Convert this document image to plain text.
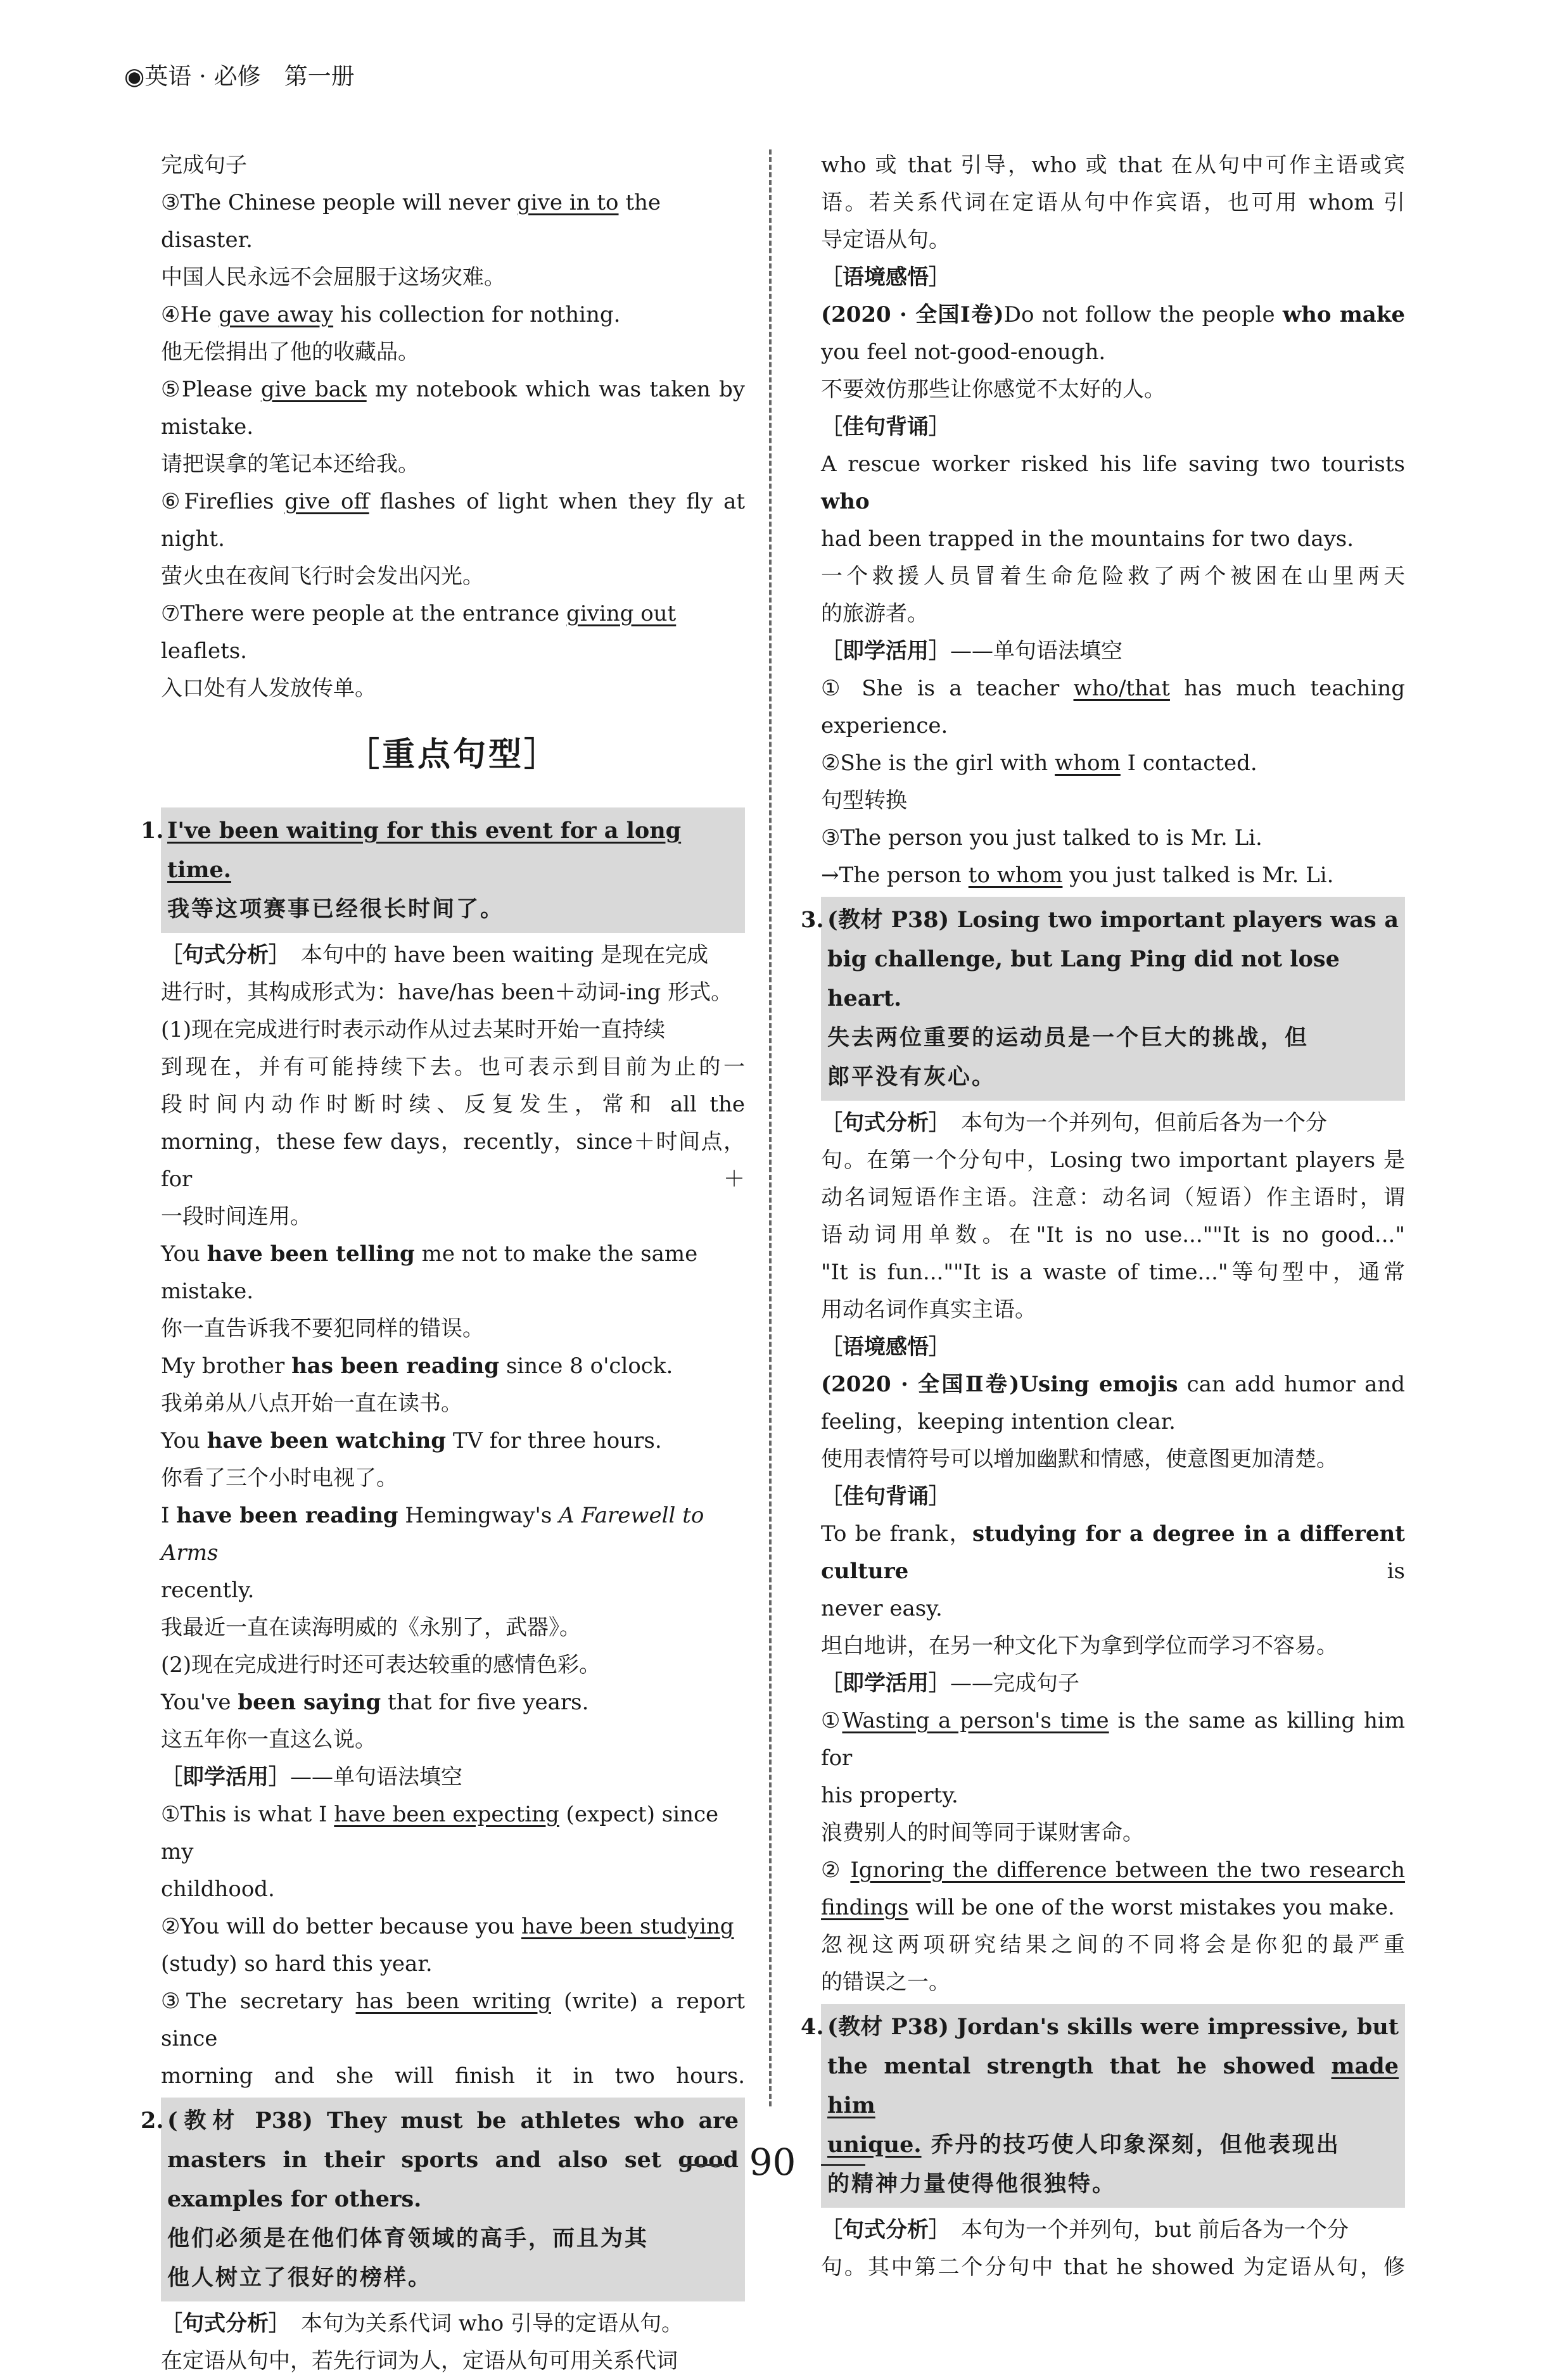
◉英语 · 必修　第一册

完成句子

③The Chinese people will never give in to the disaster.

中国人民永远不会屈服于这场灾难。

④He gave away his collection for nothing.

他无偿捐出了他的收藏品。

⑤Please give back my notebook which was taken by

mistake.

请把误拿的笔记本还给我。

⑥Fireflies give off flashes of light when they fly at

night.

萤火虫在夜间飞行时会发出闪光。

⑦There were people at the entrance giving out leaflets.

入口处有人发放传单。

［重点句型］

1. I've been waiting for this event for a long time.

我等这项赛事已经很长时间了。

［句式分析］　 本句中的 have been waiting 是现在完成

进行时，其构成形式为：have/has been＋动词-ing 形式。

(1)现在完成进行时表示动作从过去某时开始一直持续

到现在，并有可能持续下去。也可表示到目前为止的一

段时间内动作时断时续、反复发生，常和 all the

morning，these few days，recently，since＋时间点，for＋

一段时间连用。

You have been telling me not to make the same mistake.

你一直告诉我不要犯同样的错误。

My brother has been reading since 8 o'clock.

我弟弟从八点开始一直在读书。

You have been watching TV for three hours.

你看了三个小时电视了。

I have been reading Hemingway's A Farewell to Arms

recently.

我最近一直在读海明威的《永别了，武器》。

(2)现在完成进行时还可表达较重的感情色彩。

You've been saying that for five years.

这五年你一直这么说。

［即学活用］——单句语法填空

①This is what I have been expecting (expect) since my

childhood.

②You will do better because you have been studying

(study) so hard this year.

③The secretary has been writing (write) a report since

morning and she will finish it in two hours.

2. (教材 P38) They must be athletes who are

masters in their sports and also set good

examples for others.

他们必须是在他们体育领域的高手，而且为其

他人树立了很好的榜样。

［句式分析］　 本句为关系代词 who 引导的定语从句。

在定语从句中，若先行词为人，定语从句可用关系代词

who 或 that 引导，who 或 that 在从句中可作主语或宾

语。若关系代词在定语从句中作宾语，也可用 whom 引

导定语从句。

［语境感悟］

(2020 · 全国Ⅰ卷)Do not follow the people who make

you feel not-good-enough.

不要效仿那些让你感觉不太好的人。

［佳句背诵］

A rescue worker risked his life saving two tourists who

had been trapped in the mountains for two days.

一个救援人员冒着生命危险救了两个被困在山里两天

的旅游者。

［即学活用］——单句语法填空

① She is a teacher who/that has much teaching

experience.

②She is the girl with whom I contacted.

句型转换

③The person you just talked to is Mr. Li.

→The person to whom you just talked is Mr. Li.

3. (教材 P38) Losing two important players was a

big challenge, but Lang Ping did not lose heart.

失去两位重要的运动员是一个巨大的挑战，但

郎平没有灰心。

［句式分析］　 本句为一个并列句，但前后各为一个分

句。在第一个分句中，Losing two important players 是

动名词短语作主语。注意：动名词（短语）作主语时，谓

语动词用单数。在"It is no use...""It is no good..."

"It is fun...""It is a waste of time..."等句型中，通常

用动名词作真实主语。

［语境感悟］

(2020 · 全国Ⅱ卷)Using emojis can add humor and

feeling，keeping intention clear.

使用表情符号可以增加幽默和情感，使意图更加清楚。

［佳句背诵］

To be frank，studying for a degree in a different culture is

never easy.

坦白地讲，在另一种文化下为拿到学位而学习不容易。

［即学活用］——完成句子

①Wasting a person's time is the same as killing him for

his property.

浪费别人的时间等同于谋财害命。

② Ignoring the difference between the two research

findings will be one of the worst mistakes you make.

忽视这两项研究结果之间的不同将会是你犯的最严重

的错误之一。

4. (教材 P38) Jordan's skills were impressive, but

the mental strength that he showed made him

unique. 乔丹的技巧使人印象深刻，但他表现出

的精神力量使得他很独特。

［句式分析］　 本句为一个并列句，but 前后各为一个分

句。其中第二个分句中 that he showed 为定语从句，修

90
